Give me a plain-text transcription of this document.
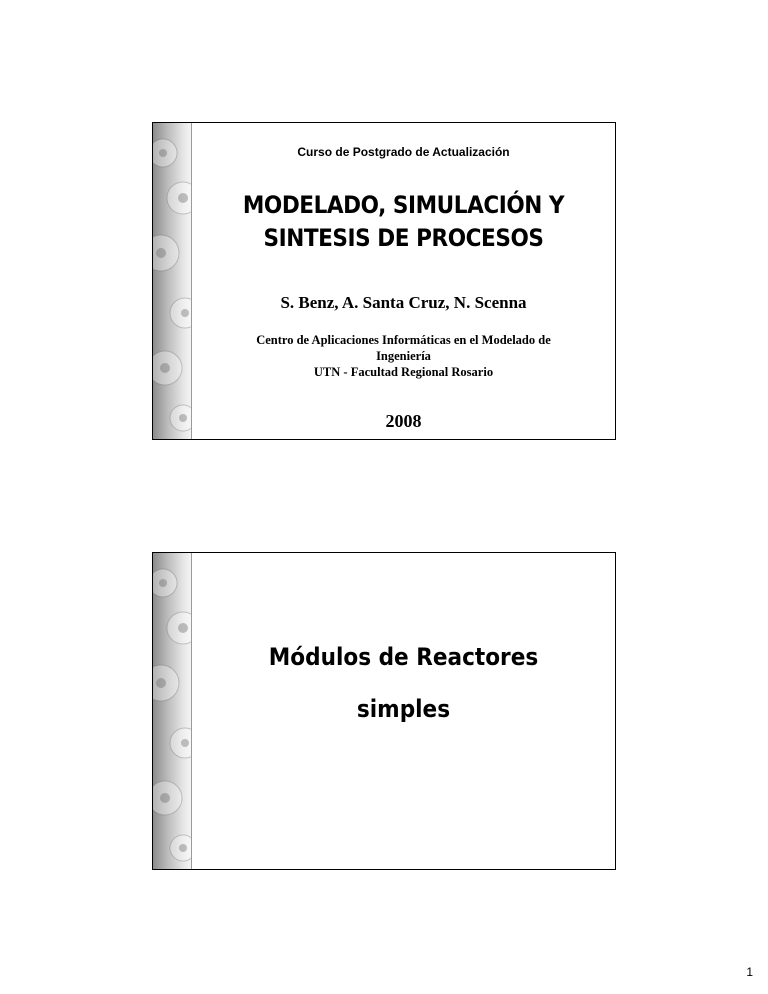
Curso de Postgrado de Actualización
MODELADO, SIMULACIÓN Y
SINTESIS DE PROCESOS
S. Benz, A. Santa Cruz, N. Scenna
Centro de Aplicaciones Informáticas en el Modelado de
Ingeniería
UTN - Facultad Regional Rosario
2008
Módulos de Reactores
simples
1
